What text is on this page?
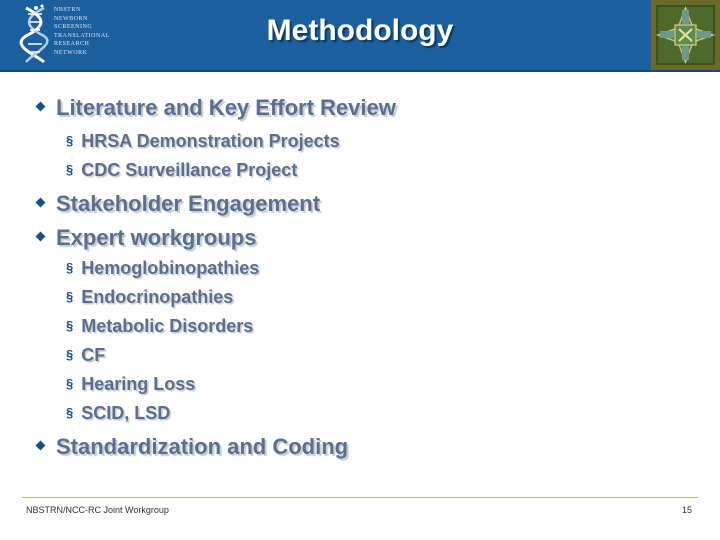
NBSTRN
NEWBORN
SCREENING
TRANSLATIONAL
RESEARCH
NETWORK
Methodology
Literature and Key Effort Review
§ HRSA Demonstration Projects
§ CDC Surveillance Project
Stakeholder Engagement
Expert workgroups
§ Hemoglobinopathies
§ Endocrinopathies
§ Metabolic Disorders
§ CF
§ Hearing Loss
§ SCID, LSD
Standardization and Coding
NBSTRN/NCC-RC Joint Workgroup	15
